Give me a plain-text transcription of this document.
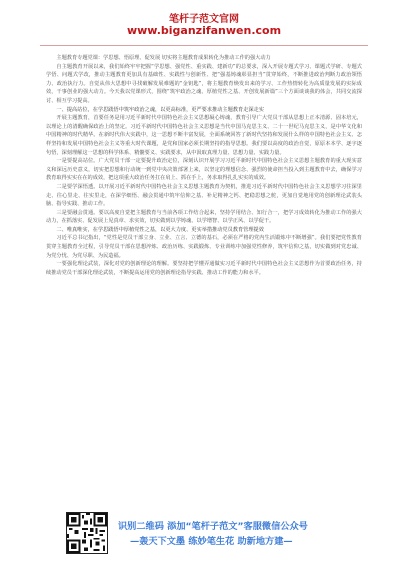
笔杆子范文官网
www.biganzifanwen.com

主题教育专题党课：学思想、悟原理、促发展 切实将主题教育成果转化为推动工作的强大动力

自主题教育开展以来，我们始终牢牢把握“学思想、强党性、重实践、建新功”的总要求，深入开展专题式学习、课题式学研、专题式学悟、问题式学改，推动主题教育更加具有基础性、实践性与创新性、把“强基铸魂彰显担当”贯穿始终，不断推进政治判断力政治领悟力、政治执行力。自觉从伟大思想中寻找破解发展难题的“金钥匙”，将主题教育焕发出来的学习、工作热情转化为高质量发展的实际成效，干事创业的强大动力。今天我以党课形式，围绕“筑牢政治之魂、厚植党性之基、开创发展新篇”三个方面谈谈我的体会，共同交流探讨、相互学习提高。

一、提高站位，在学思践悟中筑牢政治之魂，以更高标准，更严要求推动主题教育走深走实

开展主题教育，首要任务是用习近平新时代中国特色社会主义思想凝心铸魂，教育引导广大党员干部从思想上正本清源、固本培元，以理论上的清醒确保政治上的坚定。习近平新时代中国特色社会主义思想是当代中国马克思主义、二十一世纪马克思主义，是中华文化和中国精神的时代精华。在新时代伟大实践中，这一思想不断丰富发展，全面系统回答了新时代坚持和发展什么样的中国特色社会主义、怎样坚持和发展中国特色社会主义等重大时代课题，是党和国家必须长期坚持的指导思想。我们要以高度的政治自觉，原原本本学、逐字逐句悟，深刻理解这一思想的科学体系、精髓要义、实践要求，从中汲取真理力量、思想力量、实践力量。

一是要提高站位。广大党员干部一定要提升政治定位，深刻认识开展学习习近平新时代中国特色社会主义思想主题教育的重大现实意义和深远历史意义，切实把思想和行动统一到党中央决策部署上来，以坚定的理想信念、强烈的使命担当投入到主题教育中去，确保学习教育取得实实在在的成效，把这项重大政治任务扛在肩上、抓在手上，务求取得扎扎实实的成效。

二是要学深悟透。以开展习近平新时代中国特色社会主义思想主题教育为契机，推进习近平新时代中国特色社会主义思想学习往深里走、往心里走、往实里走，在深学细悟、融会贯通中筑牢信仰之基、补足精神之钙、把稳思想之舵，更加自觉地用党的创新理论武装头脑、指导实践、推动工作。

三是要融会贯通。要以高度自觉把主题教育与当前各项工作结合起来，坚持学用结合、知行合一，把学习成效转化为推动工作的强大动力，在抓落实、促发展上见真章、求实效，切实做到以学铸魂、以学增智、以学正风、以学促干。

二、唯真唯实，在学思践悟中厚植党性之基，以更大力度、更实举措推动党员教育管理提效

习近平总书记指出，“党性是党员干部立身、立业、立言、立德的基石，必须在严格的党内生活锻炼中不断增强”。我们要把党性教育贯穿主题教育全过程，引导党员干部在思想淬炼、政治历练、实践锻炼、专业训练中加强党性修养，筑牢信仰之基，切实做到对党忠诚、为党分忧、为党尽职、为民造福。

一要强化理论武装，深化对党的创新理论的理解。要坚持把学懂弄通做实习近平新时代中国特色社会主义思想作为首要政治任务，持续推动党员干部深化理论武装，不断提高运用党的创新理论指导实践、推动工作的能力和水平。

识别二维码 添加“笔杆子范文”客服微信公众号
—轰天下文墨 练妙笔生花 助新地方建—
